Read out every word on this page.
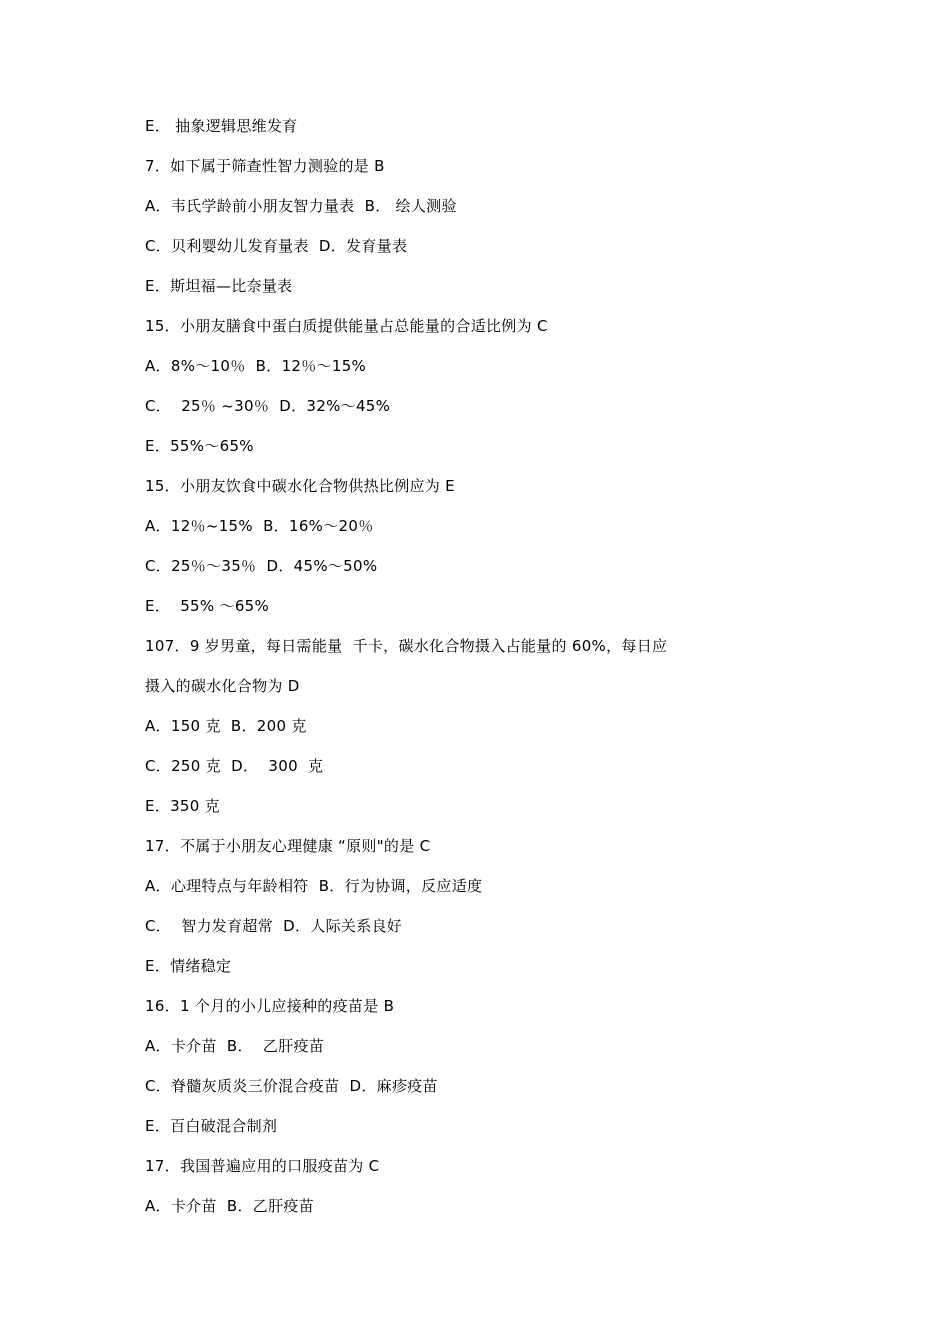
E． 抽象逻辑思维发育
7．如下属于筛查性智力测验的是 B
A．韦氏学龄前小朋友智力量表  B． 绘人测验
C．贝利婴幼儿发育量表  D．发育量表
E．斯坦福—比奈量表
15．小朋友膳食中蛋白质提供能量占总能量的合适比例为 C
A．8%～10％  B．12％～15%
C．  25％ ~30％  D．32%～45%
E．55%～65%
15．小朋友饮食中碳水化合物供热比例应为 E
A．12％~15%  B．16%～20％
C．25％～35％  D．45%～50%
E．  55% ～65%
107．9 岁男童，每日需能量  千卡，碳水化合物摄入占能量的 60%，每日应
摄入的碳水化合物为 D
A．150 克  B．200 克
C．250 克  D．  300  克
E．350 克
17．不属于小朋友心理健康 “原则"的是 C
A．心理特点与年龄相符  B．行为协调，反应适度
C．  智力发育超常  D．人际关系良好
E．情绪稳定
16．1 个月的小儿应接种的疫苗是 B
A．卡介苗  B．  乙肝疫苗
C．脊髓灰质炎三价混合疫苗  D．麻疹疫苗
E．百白破混合制剂
17．我国普遍应用的口服疫苗为 C
A．卡介苗  B．乙肝疫苗
